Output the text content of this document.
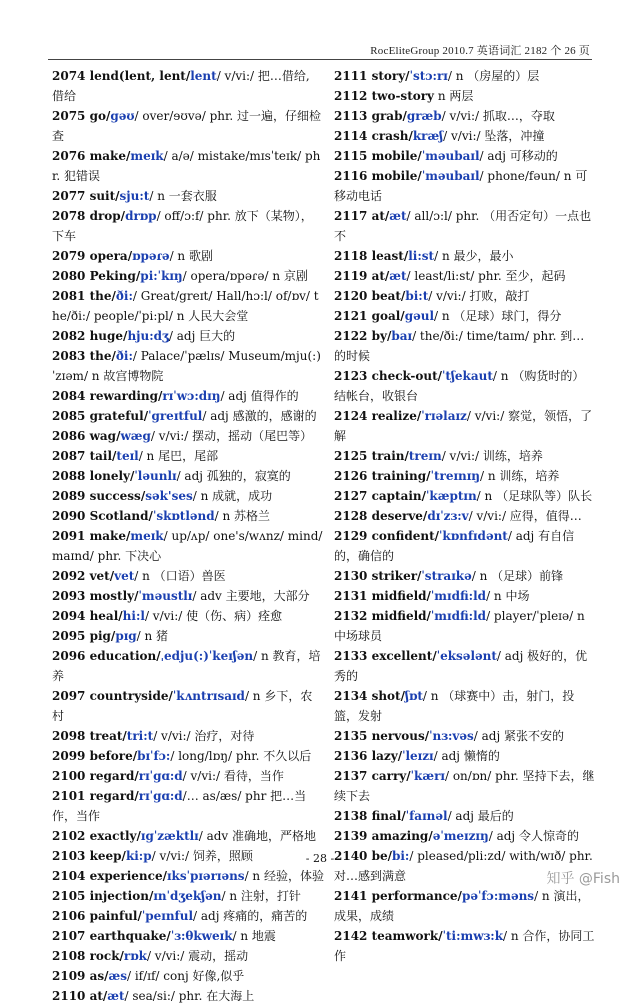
RocEliteGroup 2010.7 英语词汇 2182 个 26 页
2074 lend(lent, lent/lent/ v/vi:/ 把…借给, 借给
2075 go/gəʊ/ over/ɘʊvə/ phr. 过一遍，仔细检查
2076 make/meɪk/ a/ə/ mistake/mɪsˈteɪk/ phr. 犯错误
2077 suit/sju:t/ n 一套衣服
2078 drop/drɒp/ off/ɔ:f/ phr. 放下（某物），下车
2079 opera/ɒpəɾə/ n 歌剧
2080 Peking/pi:ˈkɪŋ/ opera/ɒpəɾə/ n 京剧
2081 the/ði:/ Great/greɪt/ Hall/hɔ:l/ of/ɒv/ the/ði:/ people/ˈpi:pl/ n 人民大会堂
2082 huge/hju:dʒ/ adj 巨大的
2083 the/ði:/ Palace/ˈpælɪs/ Museum/mju(:)ˈzɪəm/ n 故宫博物院
2084 rewarding/rɪˈwɔ:dɪŋ/ adj 值得作的
2085 grateful/ˈgreɪtful/ adj 感激的，感谢的
2086 wag/wæg/ v/vi:/ 摆动，摇动（尾巴等）
2087 tail/teɪl/ n 尾巴，尾部
2088 lonely/ˈləunlɪ/ adj 孤独的，寂寞的
2089 success/sək'ses/ n 成就，成功
2090 Scotland/ˈskɒtlənd/ n 苏格兰
2091 make/meɪk/ up/ʌp/ one's/wʌnz/ mind/maɪnd/ phr. 下决心
2092 vet/vet/ n （口语）兽医
2093 mostly/ˈməustlɪ/ adv 主要地，大部分
2094 heal/hi:l/ v/vi:/ 使（伤、病）痊愈
2095 pig/pɪg/ n 猪
2096 education/ˌedju(:)ˈkeɪʃən/ n 教育，培养
2097 countryside/ˈkʌntrɪsaɪd/ n 乡下，农村
2098 treat/tri:t/ v/vi:/ 治疗，对待
2099 before/bɪˈfɔ:/ long/lɒŋ/ phr. 不久以后
2100 regard/rɪˈgɑ:d/ v/vi:/ 看待，当作
2101 regard/rɪˈgɑ:d/… as/æs/ phr 把…当作，当作
2102 exactly/ɪgˈzæktlɪ/ adv 准确地，严格地
2103 keep/ki:p/ v/vi:/ 饲养，照顾
2104 experience/ɪksˈpɪərɪəns/ n 经验，体验
2105 injection/ɪnˈdʒekʃən/ n 注射，打针
2106 painful/ˈpeɪnful/ adj 疼痛的，痛苦的
2107 earthquake/ˈɜ:θkweɪk/ n 地震
2108 rock/rɒk/ v/vi:/ 震动，摇动
2109 as/æs/ if/ɪf/ conj 好像,似乎
2110 at/æt/ sea/si:/ phr. 在大海上
2111 story/ˈstɔ:rɪ/ n （房屋的）层
2112 two-story n 两层
2113 grab/græb/ v/vi:/ 抓取…，夺取
2114 crash/kræʃ/ v/vi:/ 坠落，冲撞
2115 mobile/ˈməubaɪl/ adj 可移动的
2116 mobile/ˈməubaɪl/ phone/fəun/ n 可移动电话
2117 at/æt/ all/ɔ:l/ phr. （用否定句）一点也不
2118 least/li:st/ n 最少，最小
2119 at/æt/ least/li:st/ phr. 至少，起码
2120 beat/bi:t/ v/vi:/ 打败，敲打
2121 goal/gəul/ n （足球）球门，得分
2122 by/baɪ/ the/ði:/ time/taɪm/ phr. 到…的时候
2123 check-out/ˈtʃekaut/ n （购货时的）结帐台，收银台
2124 realize/ˈrɪəlaɪz/ v/vi:/ 察觉，领悟，了解
2125 train/treɪn/ v/vi:/ 训练，培养
2126 training/ˈtreɪnɪŋ/ n 训练，培养
2127 captain/ˈkæptɪn/ n （足球队等）队长
2128 deserve/dɪˈzɜ:v/ v/vi:/ 应得，值得…
2129 confident/ˈkɒnfɪdənt/ adj 有自信的，确信的
2130 striker/ˈstraɪkə/ n （足球）前锋
2131 midfield/ˈmɪdfi:ld/ n 中场
2132 midfield/ˈmɪdfi:ld/ player/ˈpleɪə/ n 中场球员
2133 excellent/ˈeksələnt/ adj 极好的，优秀的
2134 shot/ʃɒt/ n （球赛中）击，射门，投篮，发射
2135 nervous/ˈnɜ:vəs/ adj 紧张不安的
2136 lazy/ˈleɪzɪ/ adj 懒惰的
2137 carry/ˈkærɪ/ on/ɒn/ phr. 坚持下去，继续下去
2138 final/ˈfaɪnəl/ adj 最后的
2139 amazing/əˈmeɪzɪŋ/ adj 令人惊奇的
2140 be/bi:/ pleased/pli:zd/ with/wɪð/ phr. 对…感到满意
2141 performance/pəˈfɔ:məns/ n 演出，成果，成绩
2142 teamwork/ˈti:mwɜ:k/ n 合作，协同工作
- 28 -
知乎 @Fish
